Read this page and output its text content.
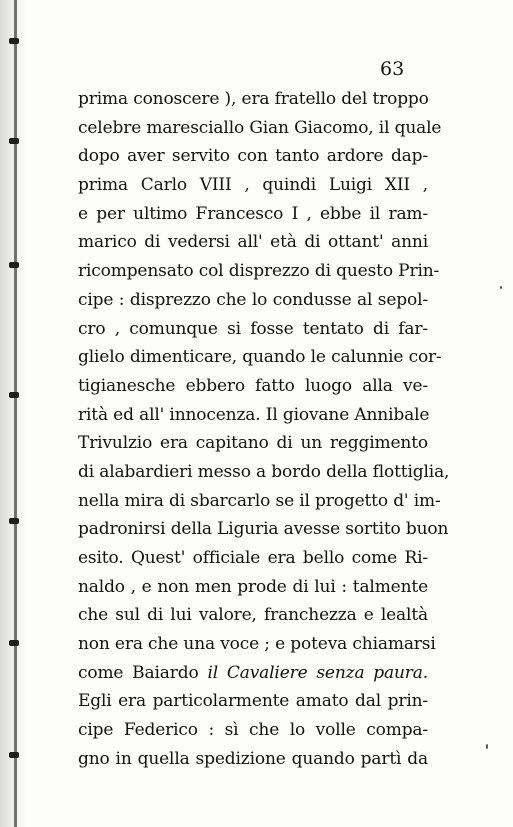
63
prima conoscere ), era fratello del troppo
celebre maresciallo Gian Giacomo, il quale
dopo aver servito con tanto ardore dap-
prima Carlo VIII , quindi Luigi XII ,
e per ultimo Francesco I , ebbe il ram-
marico di vedersi all' età di ottant' anni
ricompensato col disprezzo di questo Prin-
cipe : disprezzo che lo condusse al sepol-
cro , comunque si fosse tentato di far-
glielo dimenticare, quando le calunnie cor-
tigianesche ebbero fatto luogo alla ve-
rità ed all' innocenza. Il giovane Annibale
Trivulzio era capitano di un reggimento
di alabardieri messo a bordo della flottiglia,
nella mira di sbarcarlo se il progetto d' im-
padronirsi della Liguria avesse sortito buon
esito. Quest' officiale era bello come Ri-
naldo , e non men prode di lui : talmente
che sul di lui valore, franchezza e lealtà
non era che una voce ; e poteva chiamarsi
come Baiardo il Cavaliere senza paura.
Egli era particolarmente amato dal prin-
cipe Federico : sì che lo volle compa-
gno in quella spedizione quando partì da
